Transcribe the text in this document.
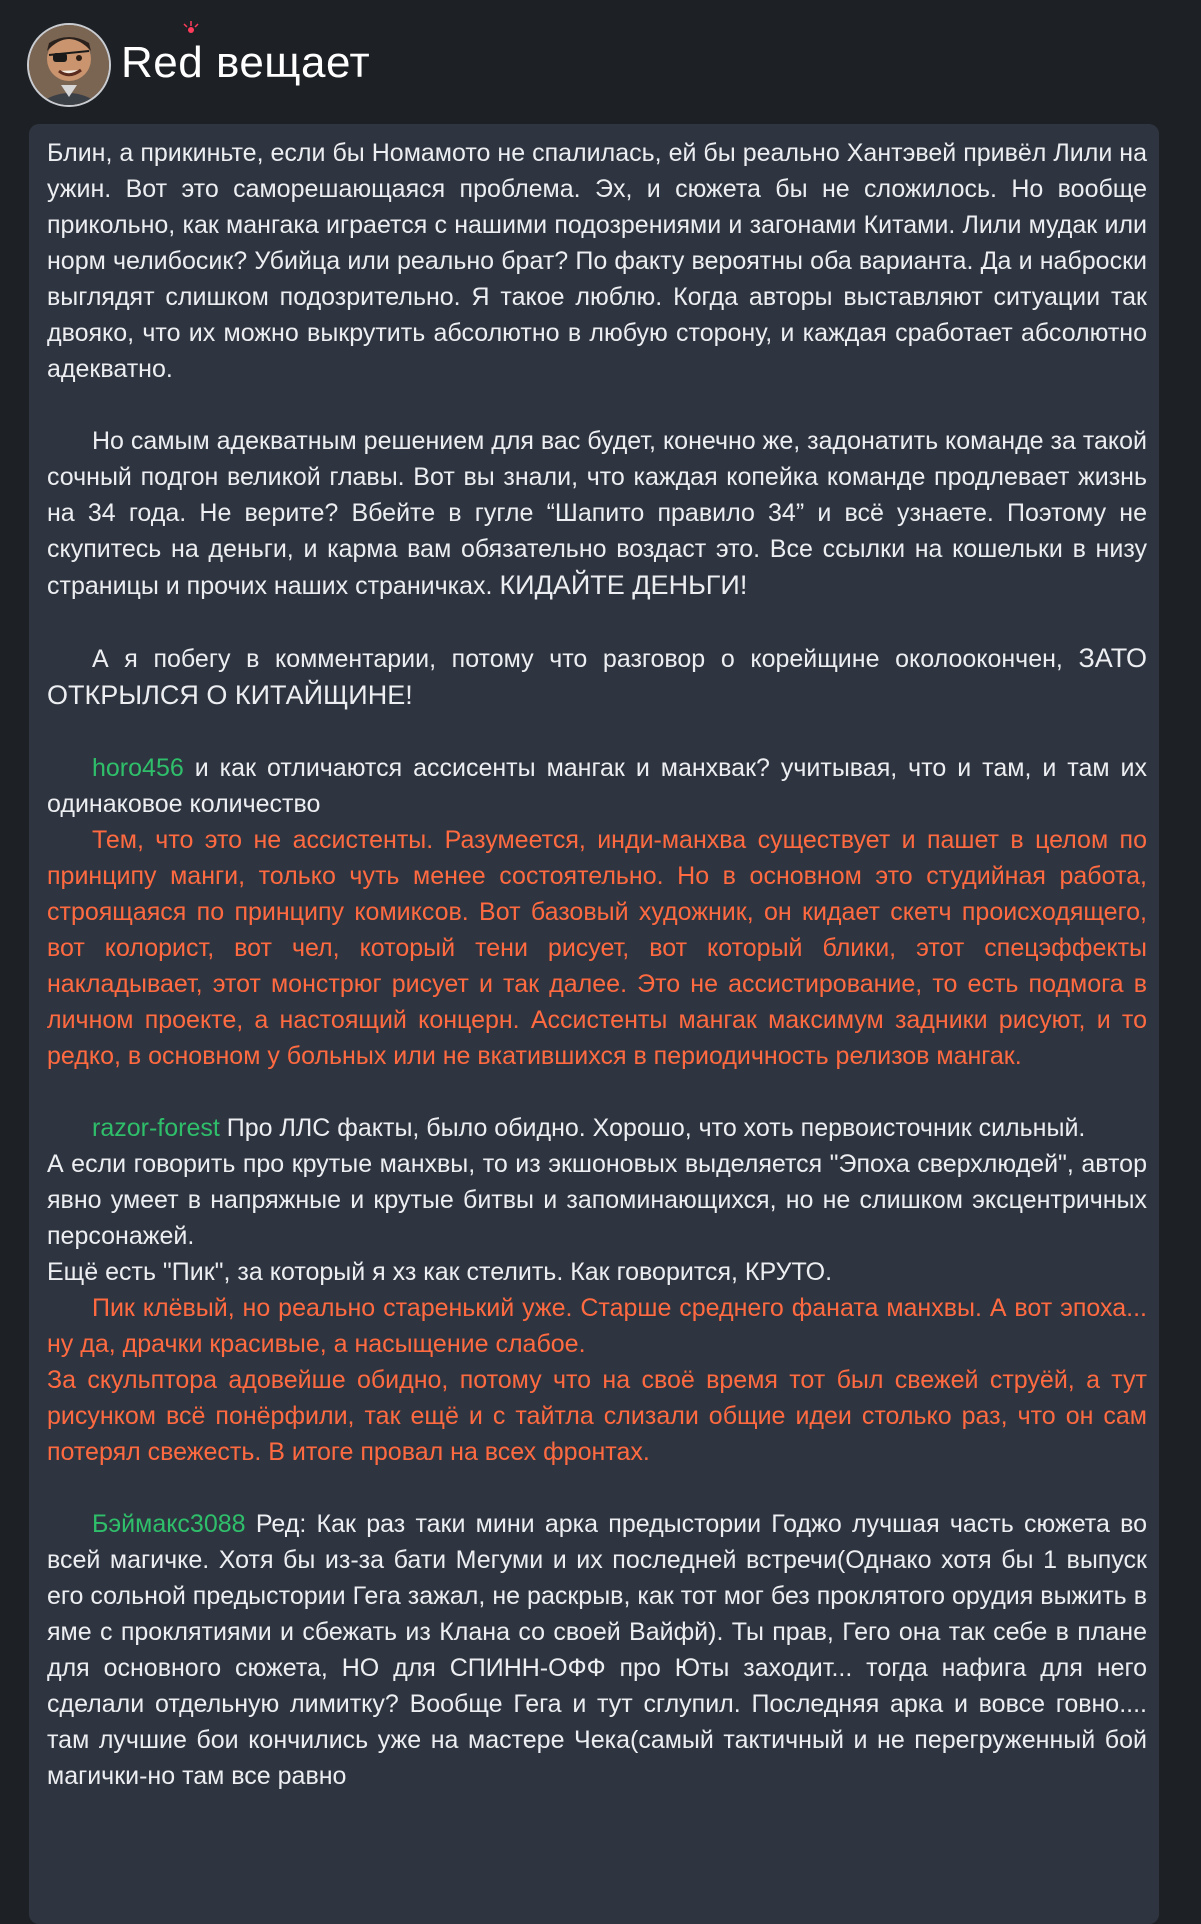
Red вещает

Блин, а прикиньте, если бы Номамото не спалилась, ей бы реально Хантэвей привёл Лили на ужин. Вот это саморешающаяся проблема. Эх, и сюжета бы не сложилось. Но вообще прикольно, как мангака играется с нашими подозрениями и загонами Китами. Лили мудак или норм челибосик? Убийца или реально брат? По факту вероятны оба варианта. Да и наброски выглядят слишком подозрительно. Я такое люблю. Когда авторы выставляют ситуации так двояко, что их можно выкрутить абсолютно в любую сторону, и каждая сработает абсолютно адекватно.

Но самым адекватным решением для вас будет, конечно же, задонатить команде за такой сочный подгон великой главы. Вот вы знали, что каждая копейка команде продлевает жизнь на 34 года. Не верите? Вбейте в гугле “Шапито правило 34” и всё узнаете. Поэтому не скупитесь на деньги, и карма вам обязательно воздаст это. Все ссылки на кошельки в низу страницы и прочих наших страничках. КИДАЙТЕ ДЕНЬГИ!

А я побегу в комментарии, потому что разговор о корейщине околоокончен, ЗАТО ОТКРЫЛСЯ О КИТАЙЩИНЕ!

horo456 и как отличаются ассисенты мангак и манхвак? учитывая, что и там, и там их одинаковое количество

Тем, что это не ассистенты. Разумеется, инди-манхва существует и пашет в целом по принципу манги, только чуть менее состоятельно. Но в основном это студийная работа, строящаяся по принципу комиксов. Вот базовый художник, он кидает скетч происходящего, вот колорист, вот чел, который тени рисует, вот который блики, этот спецэффекты накладывает, этот монстрюг рисует и так далее. Это не ассистирование, то есть подмога в личном проекте, а настоящий концерн. Ассистенты мангак максимум задники рисуют, и то редко, в основном у больных или не вкатившихся в периодичность релизов мангак.

razor-forest Про ЛЛС факты, было обидно. Хорошо, что хоть первоисточник сильный.

А если говорить про крутые манхвы, то из экшоновых выделяется "Эпоха сверхлюдей", автор явно умеет в напряжные и крутые битвы и запоминающихся, но не слишком эксцентричных персонажей.

Ещё есть "Пик", за который я хз как стелить. Как говорится, КРУТО.

Пик клёвый, но реально старенький уже. Старше среднего фаната манхвы. А вот эпоха... ну да, драчки красивые, а насыщение слабое.

За скульптора адовейше обидно, потому что на своё время тот был свежей струёй, а тут рисунком всё понёрфили, так ещё и с тайтла слизали общие идеи столько раз, что он сам потерял свежесть. В итоге провал на всех фронтах.

Бэймакс3088 Ред: Как раз таки мини арка предыстории Годжо лучшая часть сюжета во всей магичке. Хотя бы из-за бати Мегуми и их последней встречи(Однако хотя бы 1 выпуск его сольной предыстории Гега зажал, не раскрыв, как тот мог без проклятого орудия выжить в яме с проклятиями и сбежать из Клана со своей Вайфй). Ты прав, Гего она так себе в плане для основного сюжета, НО для СПИНН-ОФФ про Юты заходит... тогда нафига для него сделали отдельную лимитку? Вообще Гега и тут сглупил. Последняя арка и вовсе говно.... там лучшие бои кончились уже на мастере Чека(самый тактичный и не перегруженный бой магички-но там все равно
